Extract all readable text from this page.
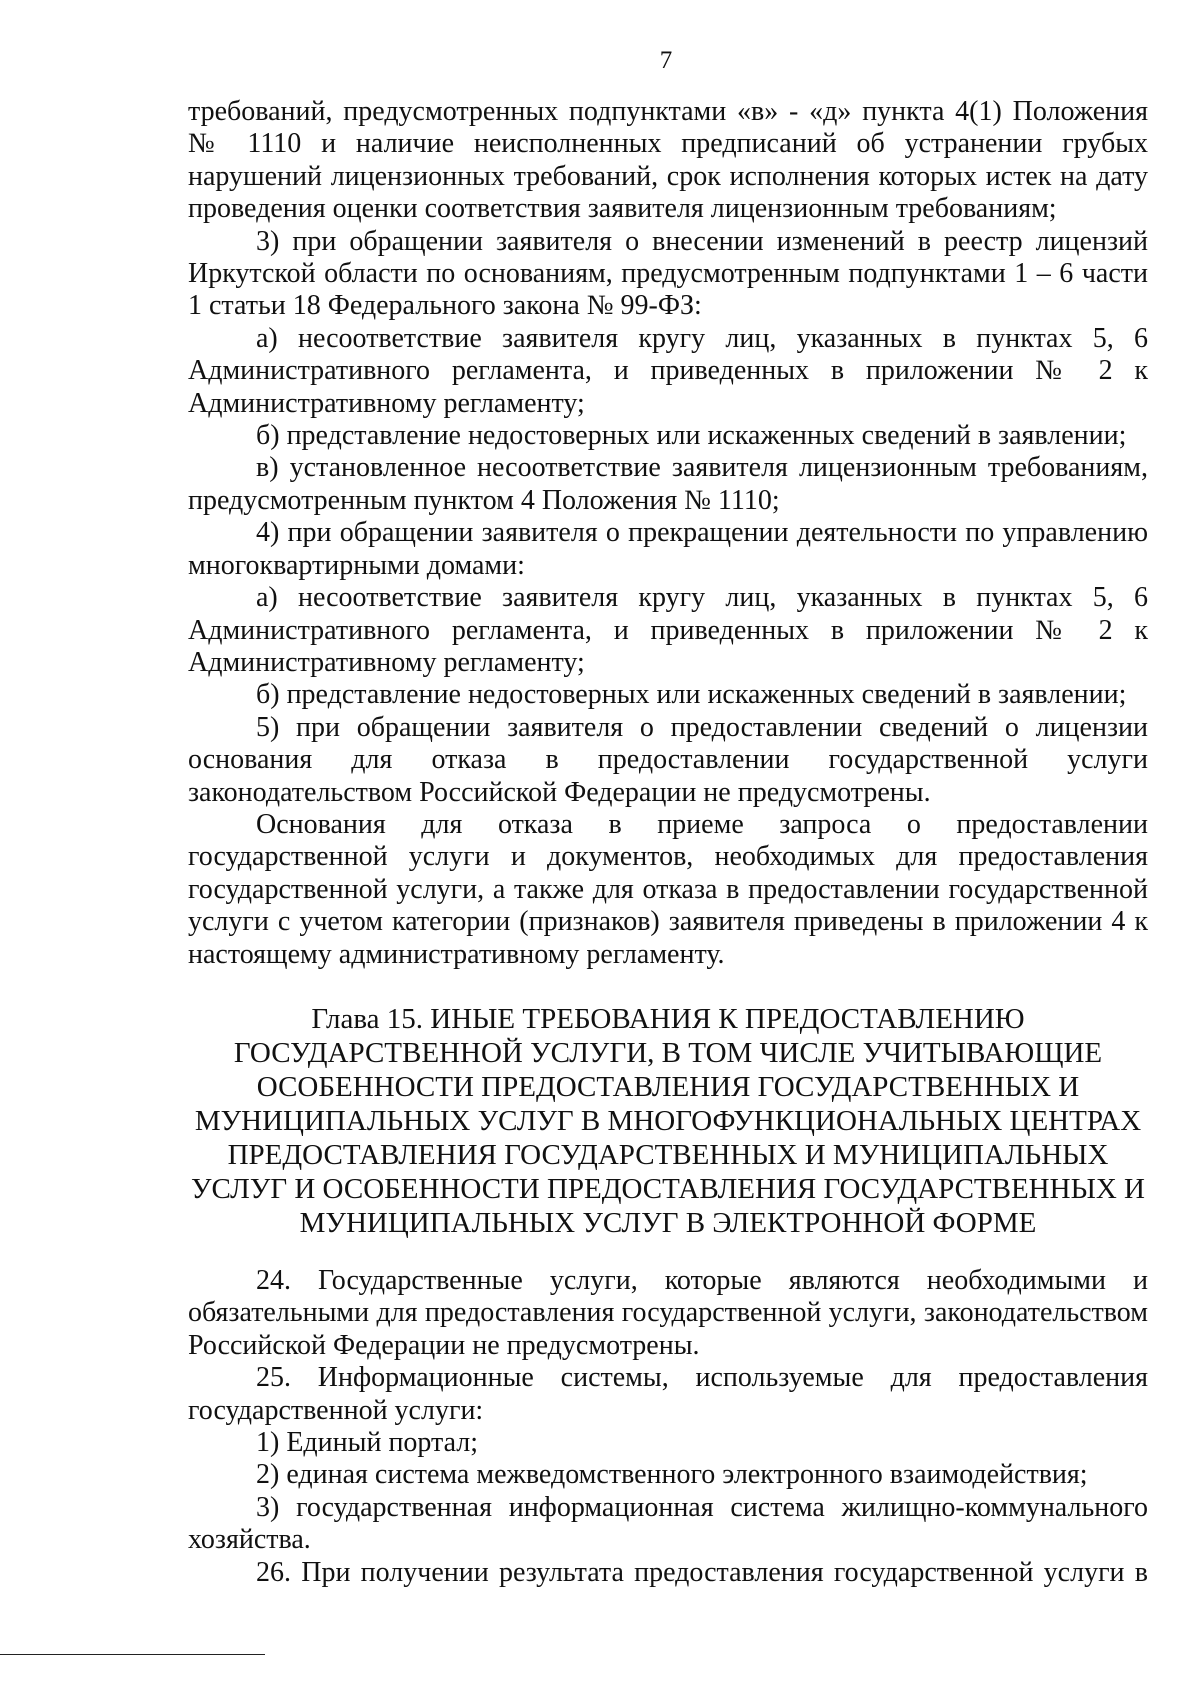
7

требований, предусмотренных подпунктами «в» - «д» пункта 4(1) Положения № 1110 и наличие неисполненных предписаний об устранении грубых нарушений лицензионных требований, срок исполнения которых истек на дату проведения оценки соответствия заявителя лицензионным требованиям;

3) при обращении заявителя о внесении изменений в реестр лицензий Иркутской области по основаниям, предусмотренным подпунктами 1 – 6 части 1 статьи 18 Федерального закона № 99-ФЗ:

а) несоответствие заявителя кругу лиц, указанных в пунктах 5, 6 Административного регламента, и приведенных в приложении № 2 к Административному регламенту;

б) представление недостоверных или искаженных сведений в заявлении;

в) установленное несоответствие заявителя лицензионным требованиям, предусмотренным пунктом 4 Положения № 1110;

4) при обращении заявителя о прекращении деятельности по управлению многоквартирными домами:

а) несоответствие заявителя кругу лиц, указанных в пунктах 5, 6 Административного регламента, и приведенных в приложении № 2 к Административному регламенту;

б) представление недостоверных или искаженных сведений в заявлении;

5) при обращении заявителя о предоставлении сведений о лицензии основания для отказа в предоставлении государственной услуги законодательством Российской Федерации не предусмотрены.

Основания для отказа в приеме запроса о предоставлении государственной услуги и документов, необходимых для предоставления государственной услуги, а также для отказа в предоставлении государственной услуги с учетом категории (признаков) заявителя приведены в приложении 4 к настоящему административному регламенту.

Глава 15. ИНЫЕ ТРЕБОВАНИЯ К ПРЕДОСТАВЛЕНИЮ ГОСУДАРСТВЕННОЙ УСЛУГИ, В ТОМ ЧИСЛЕ УЧИТЫВАЮЩИЕ ОСОБЕННОСТИ ПРЕДОСТАВЛЕНИЯ ГОСУДАРСТВЕННЫХ И МУНИЦИПАЛЬНЫХ УСЛУГ В МНОГОФУНКЦИОНАЛЬНЫХ ЦЕНТРАХ ПРЕДОСТАВЛЕНИЯ ГОСУДАРСТВЕННЫХ И МУНИЦИПАЛЬНЫХ УСЛУГ И ОСОБЕННОСТИ ПРЕДОСТАВЛЕНИЯ ГОСУДАРСТВЕННЫХ И МУНИЦИПАЛЬНЫХ УСЛУГ В ЭЛЕКТРОННОЙ ФОРМЕ

24. Государственные услуги, которые являются необходимыми и обязательными для предоставления государственной услуги, законодательством Российской Федерации не предусмотрены.

25. Информационные системы, используемые для предоставления государственной услуги:

1) Единый портал;

2) единая система межведомственного электронного взаимодействия;

3) государственная информационная система жилищно-коммунального хозяйства.

26. При получении результата предоставления государственной услуги в
